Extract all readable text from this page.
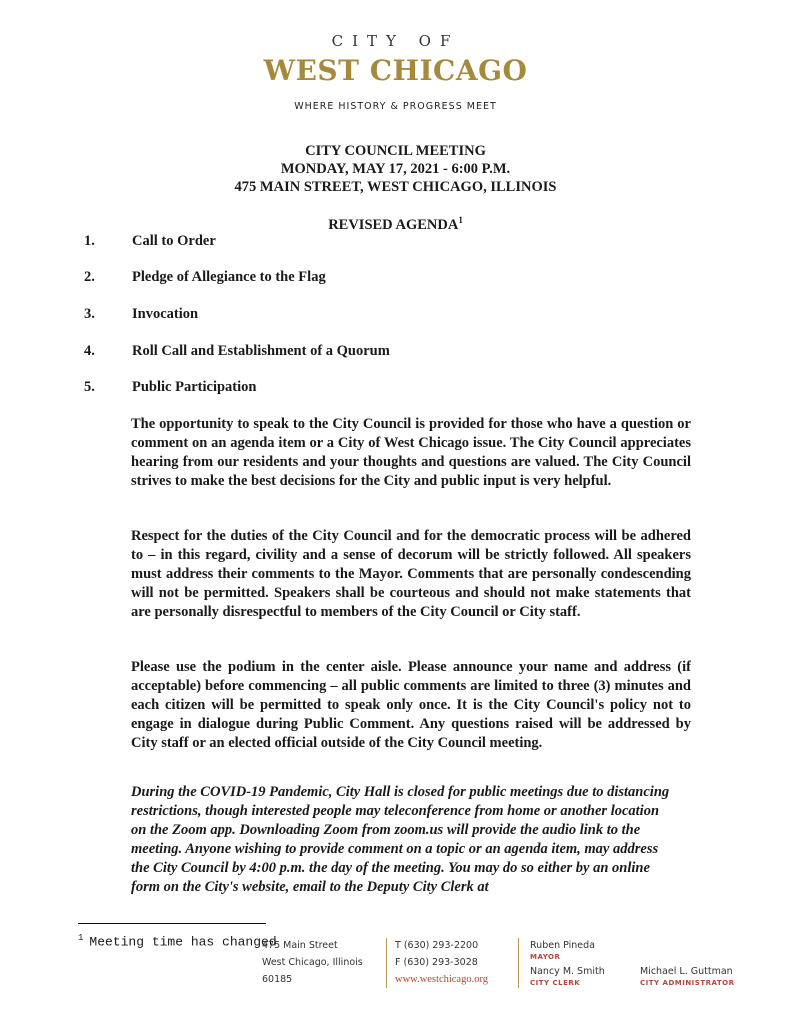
CITY OF
WEST CHICAGO
WHERE HISTORY & PROGRESS MEET
CITY COUNCIL MEETING
MONDAY, MAY 17, 2021 - 6:00 P.M.
475 MAIN STREET, WEST CHICAGO, ILLINOIS
REVISED AGENDA$^1$
1.	Call to Order
2.	Pledge of Allegiance to the Flag
3.	Invocation
4.	Roll Call and Establishment of a Quorum
5.	Public Participation

The opportunity to speak to the City Council is provided for those who have a question or comment on an agenda item or a City of West Chicago issue. The City Council appreciates hearing from our residents and your thoughts and questions are valued. The City Council strives to make the best decisions for the City and public input is very helpful.

Respect for the duties of the City Council and for the democratic process will be adhered to – in this regard, civility and a sense of decorum will be strictly followed. All speakers must address their comments to the Mayor. Comments that are personally condescending will not be permitted. Speakers shall be courteous and should not make statements that are personally disrespectful to members of the City Council or City staff.

Please use the podium in the center aisle. Please announce your name and address (if acceptable) before commencing – all public comments are limited to three (3) minutes and each citizen will be permitted to speak only once. It is the City Council's policy not to engage in dialogue during Public Comment. Any questions raised will be addressed by City staff or an elected official outside of the City Council meeting.

During the COVID-19 Pandemic, City Hall is closed for public meetings due to distancing restrictions, though interested people may teleconference from home or another location on the Zoom app. Downloading Zoom from zoom.us will provide the audio link to the meeting. Anyone wishing to provide comment on a topic or an agenda item, may address the City Council by 4:00 p.m. the day of the meeting. You may do so either by an online form on the City's website, email to the Deputy City Clerk at

$^1$ Meeting time has changed
475 Main Street
West Chicago, Illinois
60185
T (630) 293-2200
F (630) 293-3028
www.westchicago.org
Ruben Pineda
MAYOR
Nancy M. Smith
CITY CLERK
Michael L. Guttman
CITY ADMINISTRATOR
